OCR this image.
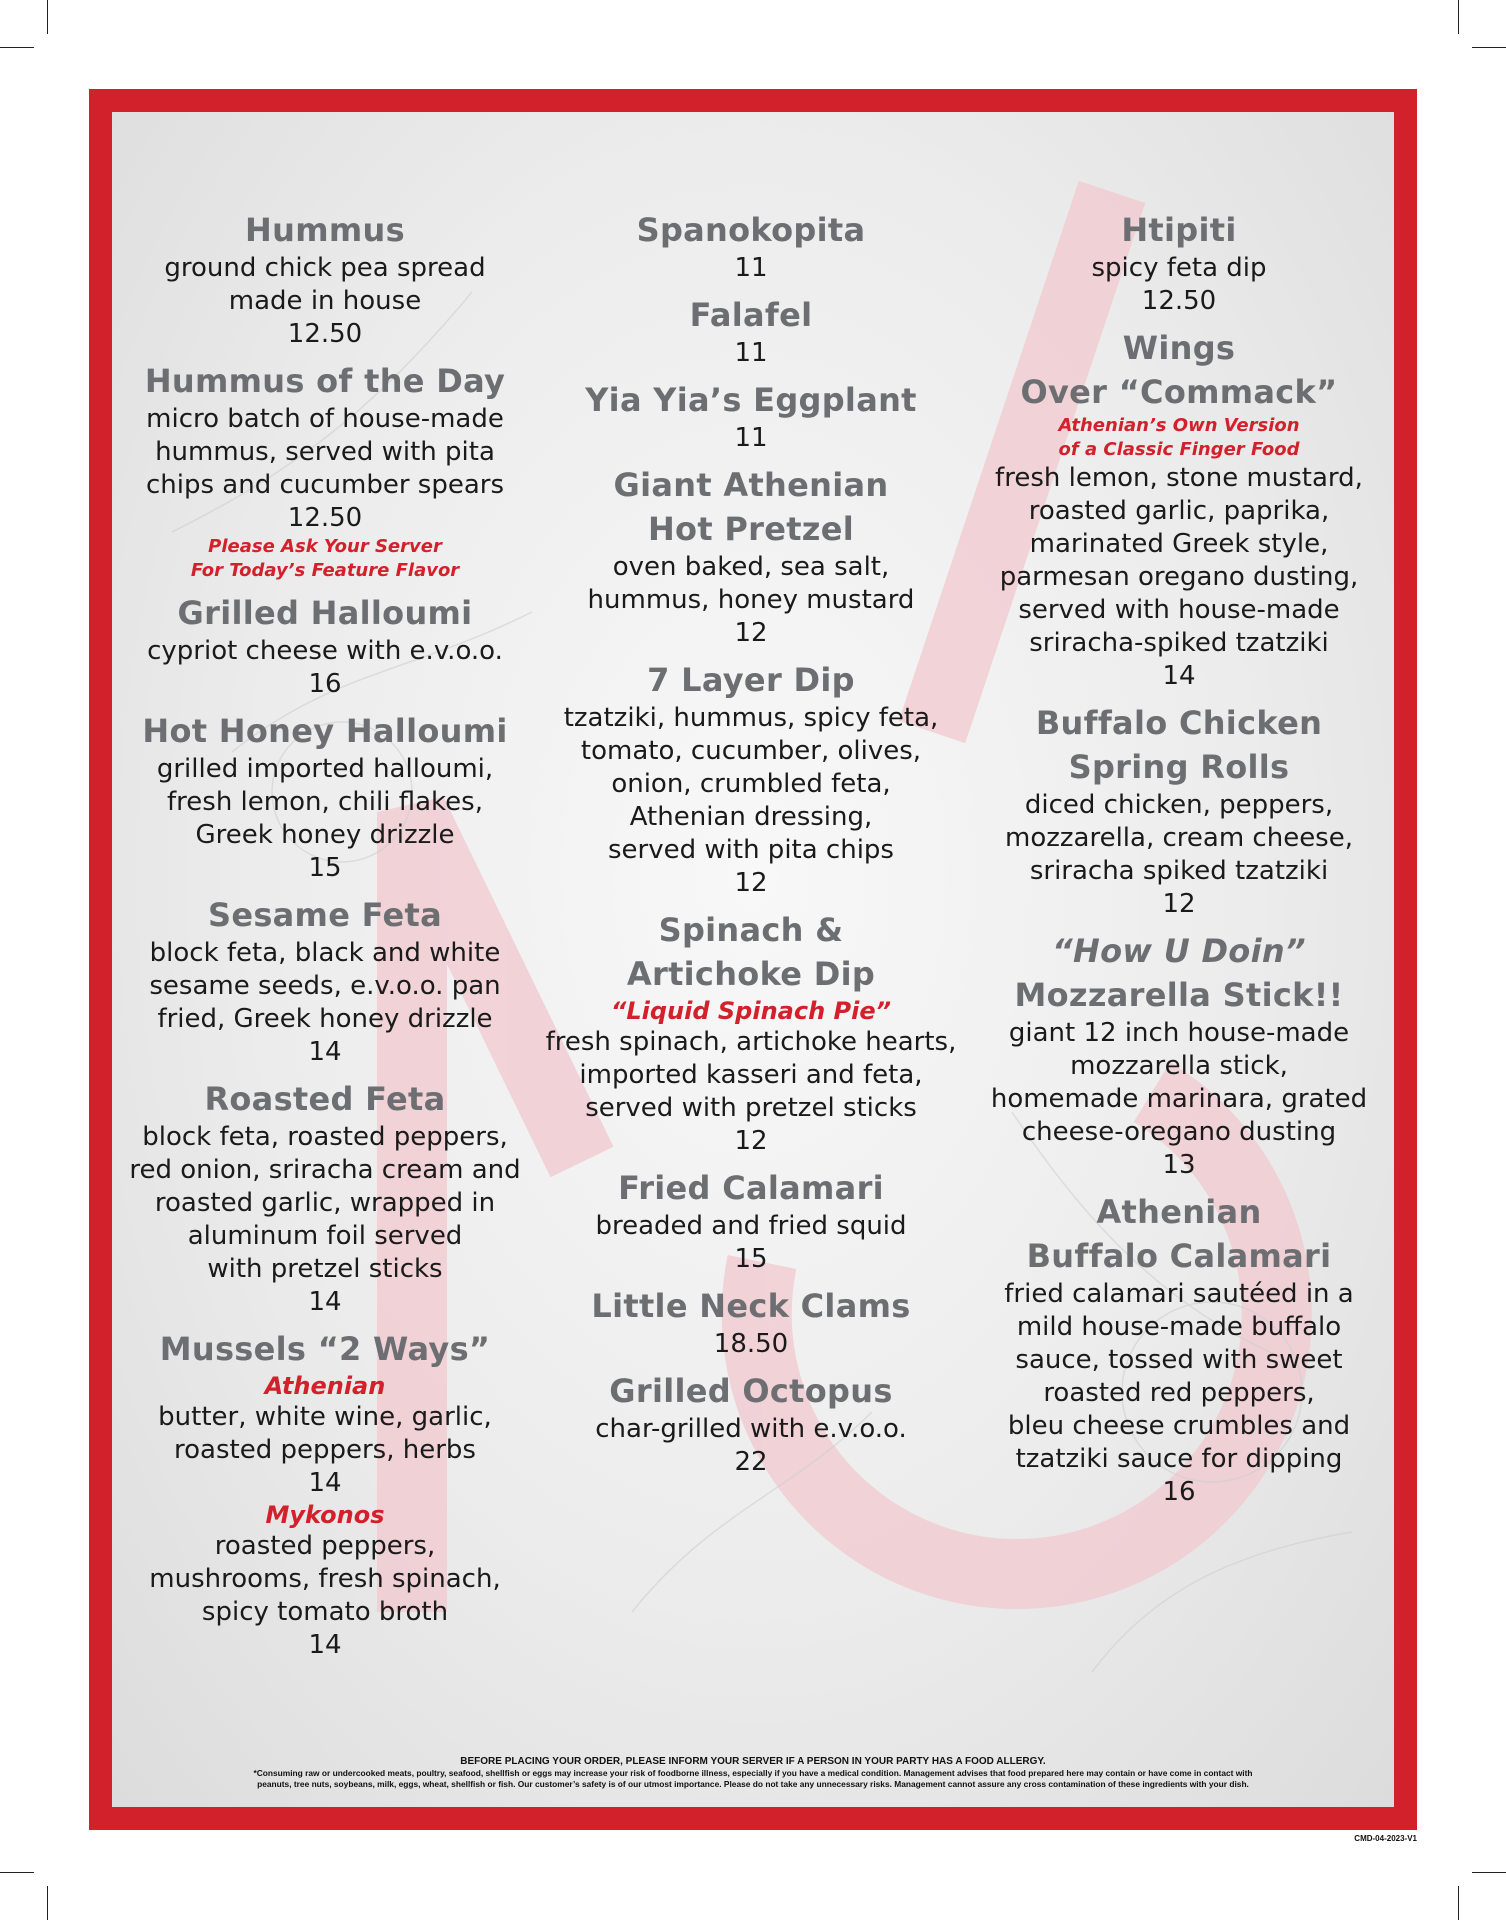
Hummus
ground chick pea spread
made in house
12.50
Hummus of the Day
micro batch of house-made
hummus, served with pita
chips and cucumber spears
12.50
Please Ask Your Server
For Today’s Feature Flavor
Grilled Halloumi
cypriot cheese with e.v.o.o.
16
Hot Honey Halloumi
grilled imported halloumi,
fresh lemon, chili flakes,
Greek honey drizzle
15
Sesame Feta
block feta, black and white
sesame seeds, e.v.o.o. pan
fried, Greek honey drizzle
14
Roasted Feta
block feta, roasted peppers,
red onion, sriracha cream and
roasted garlic, wrapped in
aluminum foil served
with pretzel sticks
14
Mussels “2 Ways”
Athenian
butter, white wine, garlic,
roasted peppers, herbs
14
Mykonos
roasted peppers,
mushrooms, fresh spinach,
spicy tomato broth
14
Spanokopita
11
Falafel
11
Yia Yia’s Eggplant
11
Giant Athenian
Hot Pretzel
oven baked, sea salt,
hummus, honey mustard
12
7 Layer Dip
tzatziki, hummus, spicy feta,
tomato, cucumber, olives,
onion, crumbled feta,
Athenian dressing,
served with pita chips
12
Spinach &
Artichoke Dip
“Liquid Spinach Pie”
fresh spinach, artichoke hearts,
imported kasseri and feta,
served with pretzel sticks
12
Fried Calamari
breaded and fried squid
15
Little Neck Clams
18.50
Grilled Octopus
char-grilled with e.v.o.o.
22
Htipiti
spicy feta dip
12.50
Wings
Over “Commack”
Athenian’s Own Version
of a Classic Finger Food
fresh lemon, stone mustard,
roasted garlic, paprika,
marinated Greek style,
parmesan oregano dusting,
served with house-made
sriracha-spiked tzatziki
14
Buffalo Chicken
Spring Rolls
diced chicken, peppers,
mozzarella, cream cheese,
sriracha spiked tzatziki
12
“How U Doin”
Mozzarella Stick!!
giant 12 inch house-made
mozzarella stick,
homemade marinara, grated
cheese-oregano dusting
13
Athenian
Buffalo Calamari
fried calamari sautéed in a
mild house-made buffalo
sauce, tossed with sweet
roasted red peppers,
bleu cheese crumbles and
tzatziki sauce for dipping
16
BEFORE PLACING YOUR ORDER, PLEASE INFORM YOUR SERVER IF A PERSON IN YOUR PARTY HAS A FOOD ALLERGY.
*Consuming raw or undercooked meats, poultry, seafood, shellfish or eggs may increase your risk of foodborne illness, especially if you have a medical condition. Management advises that food prepared here may contain or have come in contact with
peanuts, tree nuts, soybeans, milk, eggs, wheat, shellfish or fish. Our customer’s safety is of our utmost importance. Please do not take any unnecessary risks. Management cannot assure any cross contamination of these ingredients with your dish.
CMD-04-2023-V1
